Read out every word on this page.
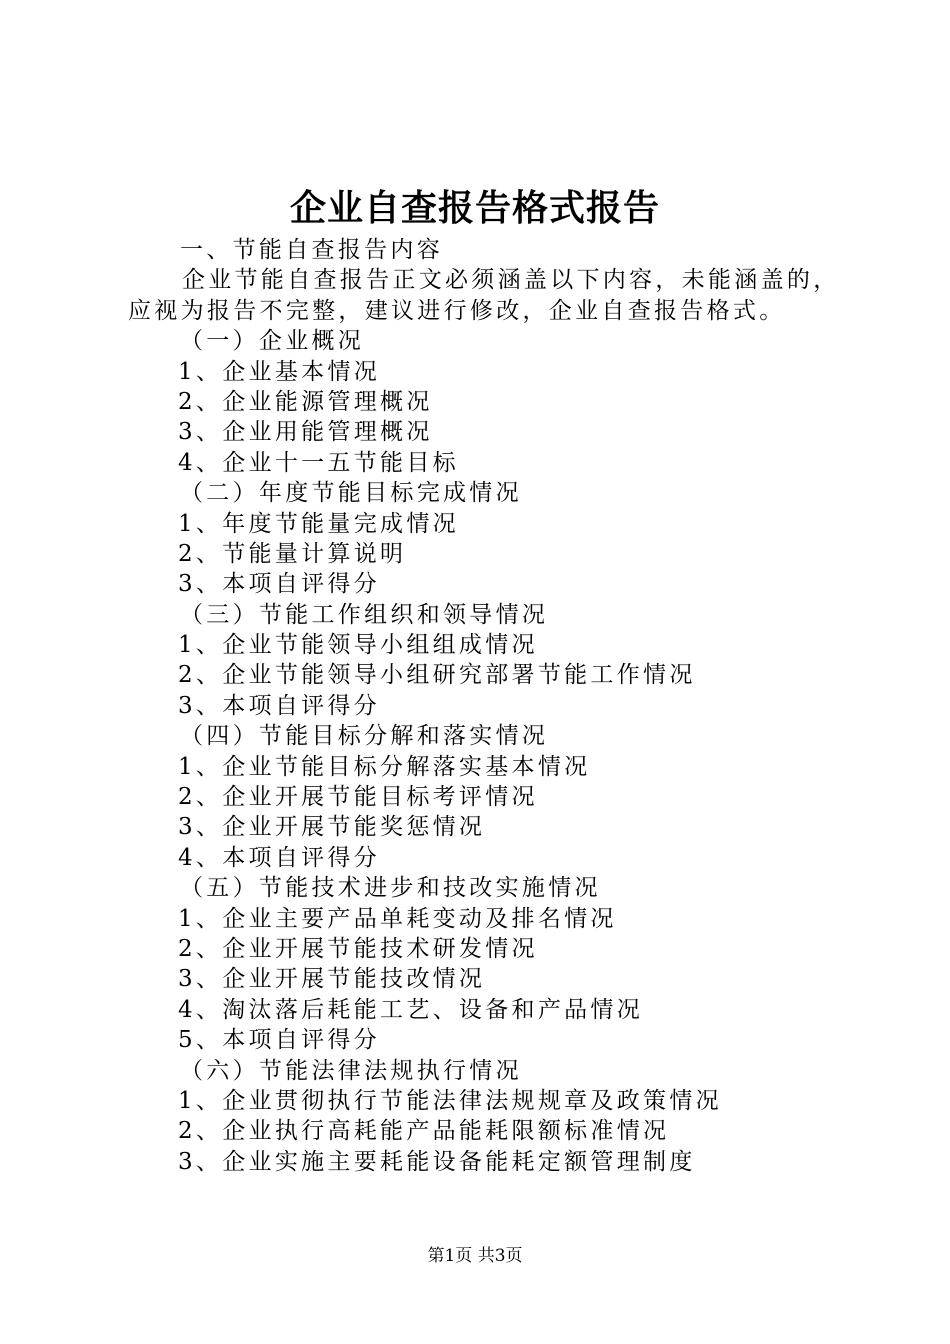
企业自查报告格式报告
一、节能自查报告内容
企业节能自查报告正文必须涵盖以下内容，未能涵盖的，
应视为报告不完整，建议进行修改，企业自查报告格式。
（一）企业概况
1、企业基本情况
2、企业能源管理概况
3、企业用能管理概况
4、企业十一五节能目标
（二）年度节能目标完成情况
1、年度节能量完成情况
2、节能量计算说明
3、本项自评得分
（三）节能工作组织和领导情况
1、企业节能领导小组组成情况
2、企业节能领导小组研究部署节能工作情况
3、本项自评得分
（四）节能目标分解和落实情况
1、企业节能目标分解落实基本情况
2、企业开展节能目标考评情况
3、企业开展节能奖惩情况
4、本项自评得分
（五）节能技术进步和技改实施情况
1、企业主要产品单耗变动及排名情况
2、企业开展节能技术研发情况
3、企业开展节能技改情况
4、淘汰落后耗能工艺、设备和产品情况
5、本项自评得分
（六）节能法律法规执行情况
1、企业贯彻执行节能法律法规规章及政策情况
2、企业执行高耗能产品能耗限额标准情况
3、企业实施主要耗能设备能耗定额管理制度
第1页 共3页
